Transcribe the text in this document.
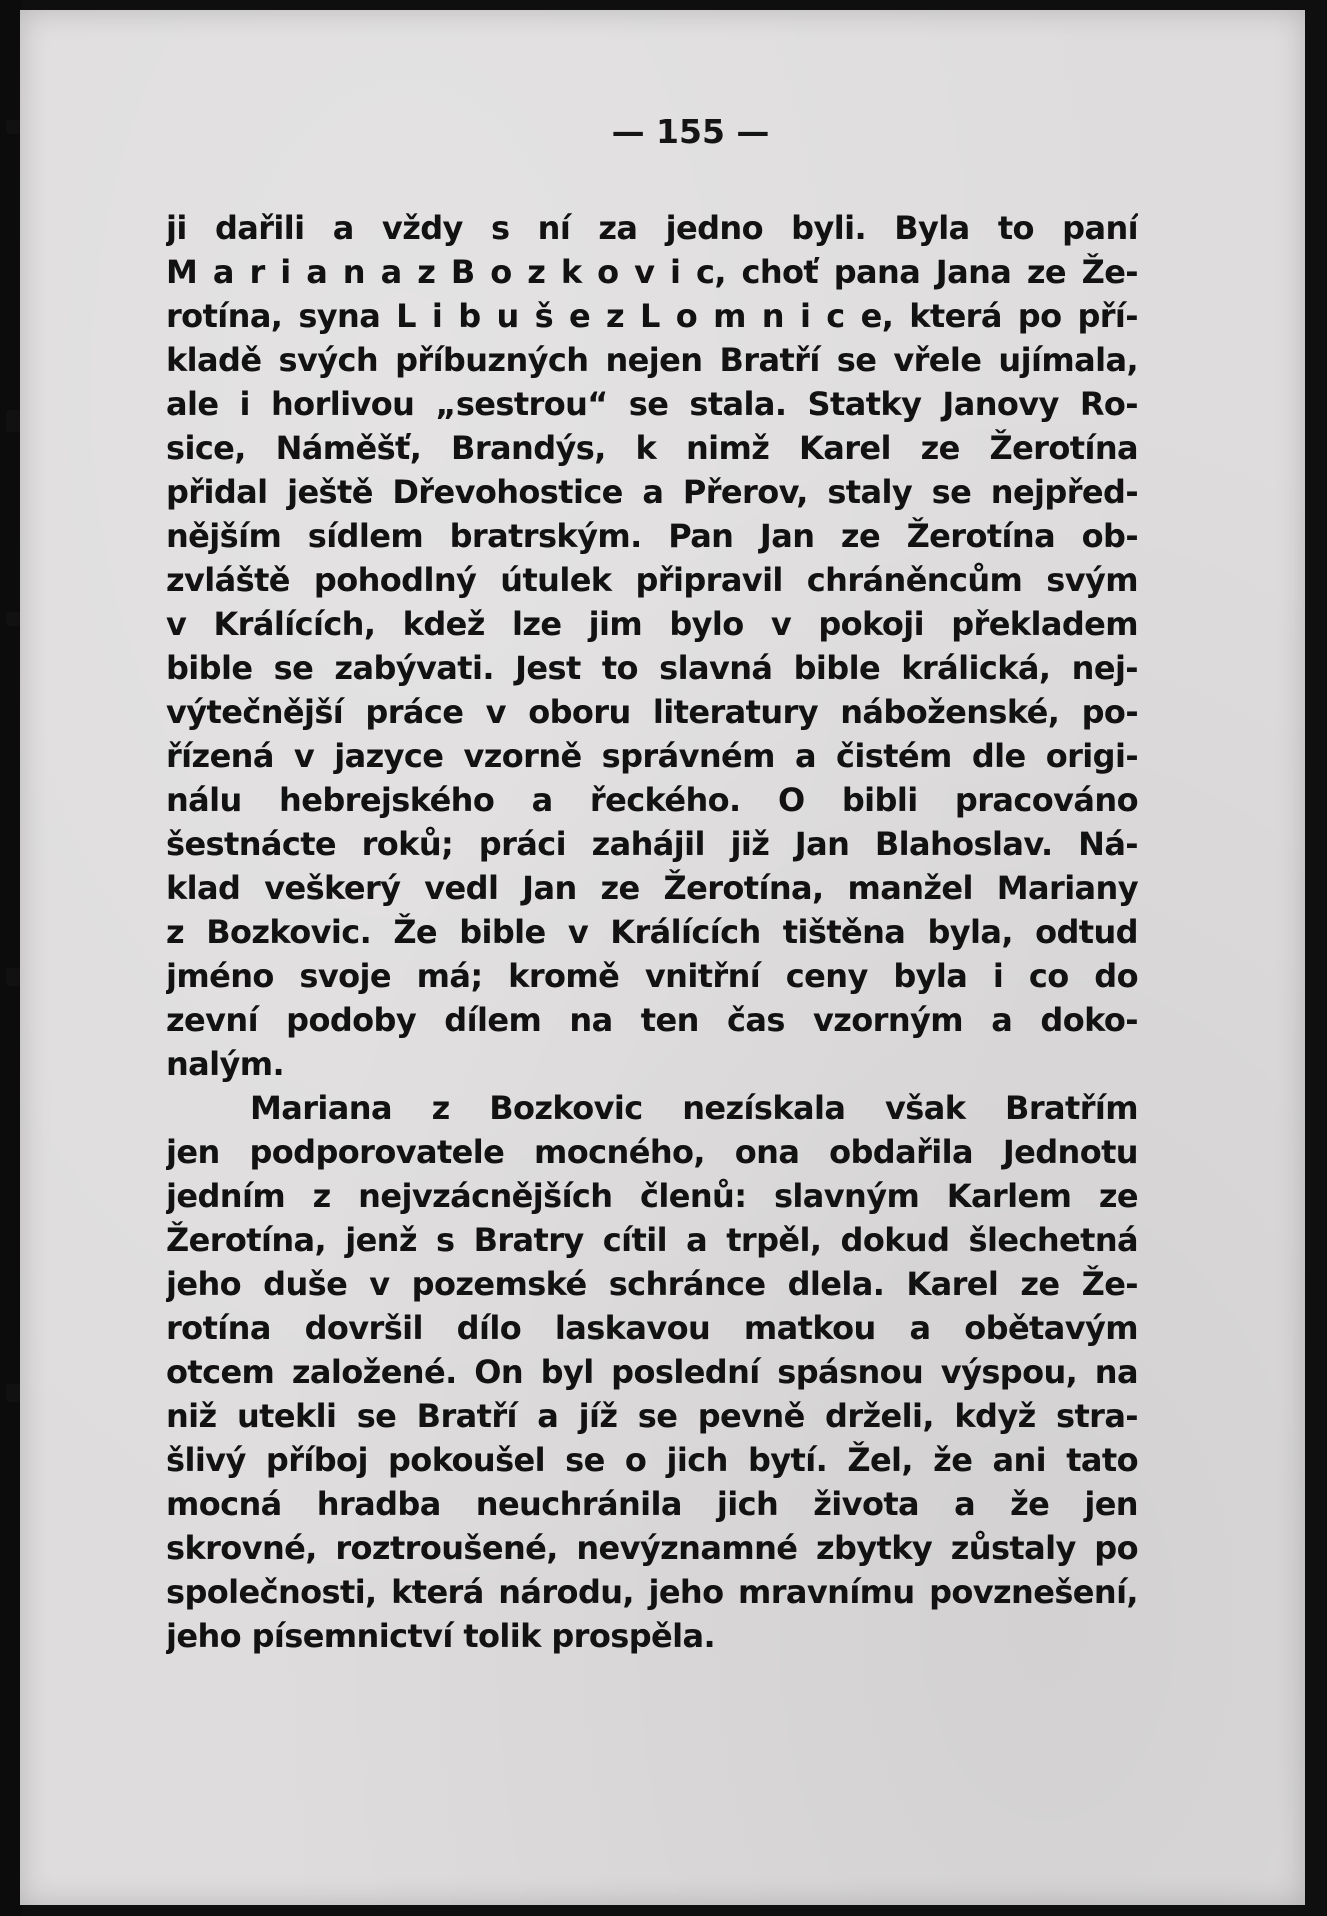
— 155 —
ji dařili a vždy s ní za jedno byli. Byla to paní
M a r i a n a z B o z k o v i c, choť pana Jana ze Že-
rotína, syna L i b u š e z L o m n i c e, která po pří-
kladě svých příbuzných nejen Bratří se vřele ujímala,
ale i horlivou „sestrou“ se stala. Statky Janovy Ro-
sice, Náměšť, Brandýs, k nimž Karel ze Žerotína
přidal ještě Dřevohostice a Přerov, staly se nejpřed-
nějším sídlem bratrským. Pan Jan ze Žerotína ob-
zvláště pohodlný útulek připravil chráněncům svým
v Králících, kdež lze jim bylo v pokoji překladem
bible se zabývati. Jest to slavná bible králická, nej-
výtečnější práce v oboru literatury náboženské, po-
řízená v jazyce vzorně správném a čistém dle origi-
nálu hebrejského a řeckého. O bibli pracováno
šestnácte roků; práci zahájil již Jan Blahoslav. Ná-
klad veškerý vedl Jan ze Žerotína, manžel Mariany
z Bozkovic. Že bible v Králících tištěna byla, odtud
jméno svoje má; kromě vnitřní ceny byla i co do
zevní podoby dílem na ten čas vzorným a doko-
nalým.
Mariana z Bozkovic nezískala však Bratřím
jen podporovatele mocného, ona obdařila Jednotu
jedním z nejvzácnějších členů: slavným Karlem ze
Žerotína, jenž s Bratry cítil a trpěl, dokud šlechetná
jeho duše v pozemské schránce dlela. Karel ze Že-
rotína dovršil dílo laskavou matkou a obětavým
otcem založené. On byl poslední spásnou výspou, na
niž utekli se Bratří a jíž se pevně drželi, když stra-
šlivý příboj pokoušel se o jich bytí. Žel, že ani tato
mocná hradba neuchránila jich života a že jen
skrovné, roztroušené, nevýznamné zbytky zůstaly po
společnosti, která národu, jeho mravnímu povznešení,
jeho písemnictví tolik prospěla.
